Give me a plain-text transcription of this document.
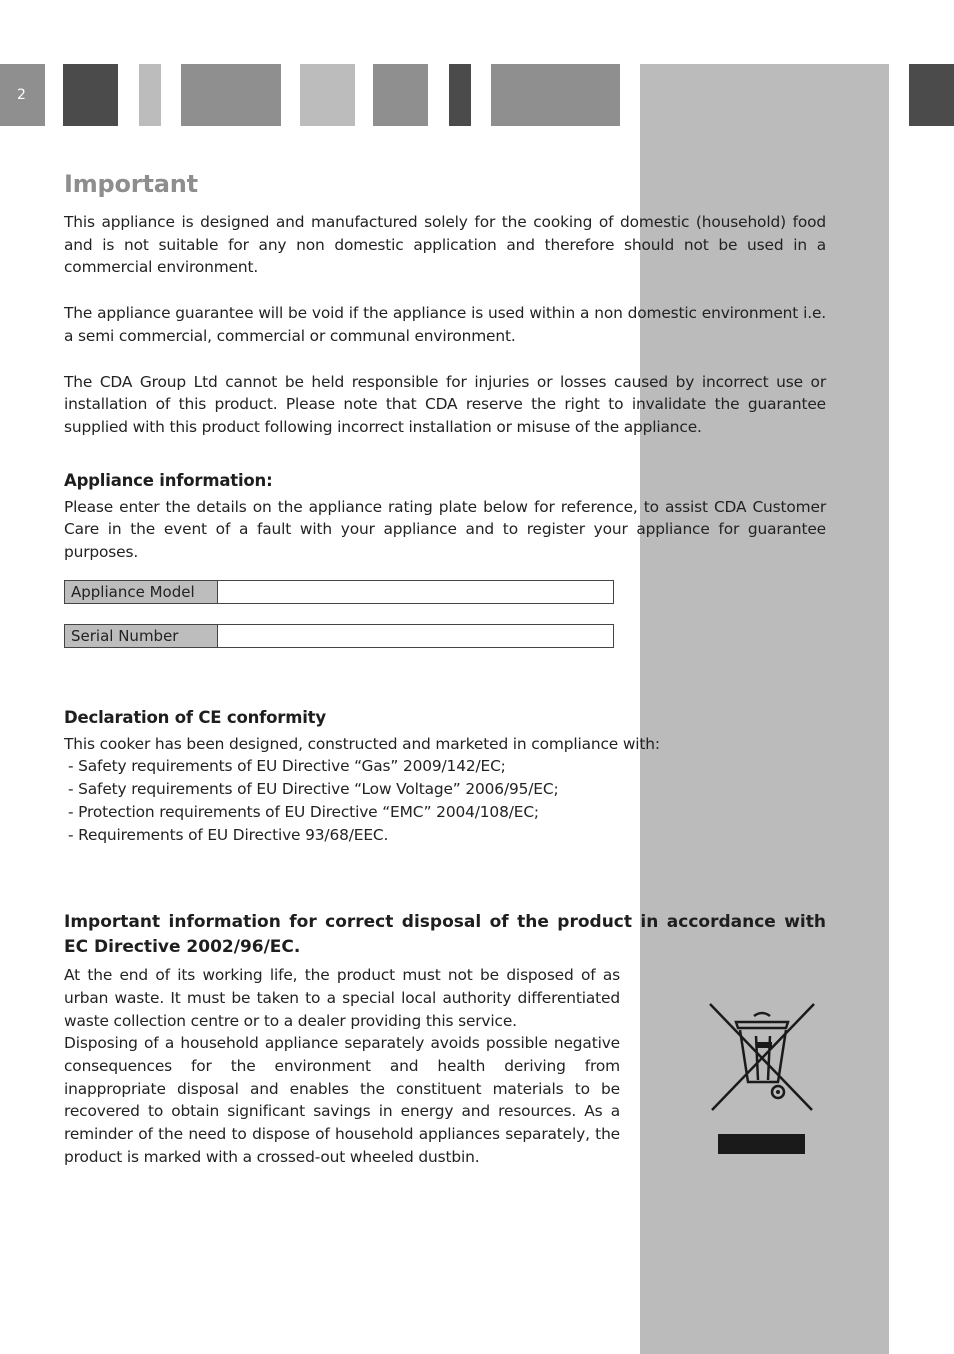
2
Important

This appliance is designed and manufactured solely for the cooking of domestic (household) food and is not suitable for any non domestic application and therefore should not be used in a commercial environment.

The appliance guarantee will be void if the appliance is used within a non domestic environment i.e. a semi commercial, commercial or communal environment.

The CDA Group Ltd cannot be held responsible for injuries or losses caused by incorrect use or installation of this product. Please note that CDA reserve the right to invalidate the guarantee supplied with this product following incorrect installation or misuse of the appliance.

Appliance information:

Please enter the details on the appliance rating plate below for reference, to assist CDA Customer Care in the event of a fault with your appliance and to register your appliance for guarantee purposes.

Appliance Model
Serial Number
Declaration of CE conformity

This cooker has been designed, constructed and marketed in compliance with:

- Safety requirements of EU Directive “Gas” 2009/142/EC;

- Safety requirements of EU Directive “Low Voltage” 2006/95/EC;

- Protection requirements of EU Directive “EMC” 2004/108/EC;

- Requirements of EU Directive 93/68/EEC.

Important information for correct disposal of the product in accordance with EC Directive 2002/96/EC.

At the end of its working life, the product must not be disposed of as urban waste. It must be taken to a special local authority differentiated waste collection centre or to a dealer providing this service.

Disposing of a household appliance separately avoids possible negative consequences for the environment and health deriving from inappropriate disposal and enables the constituent materials to be recovered to obtain significant savings in energy and resources. As a reminder of the need to dispose of household appliances separately, the product is marked with a crossed-out wheeled dustbin.
